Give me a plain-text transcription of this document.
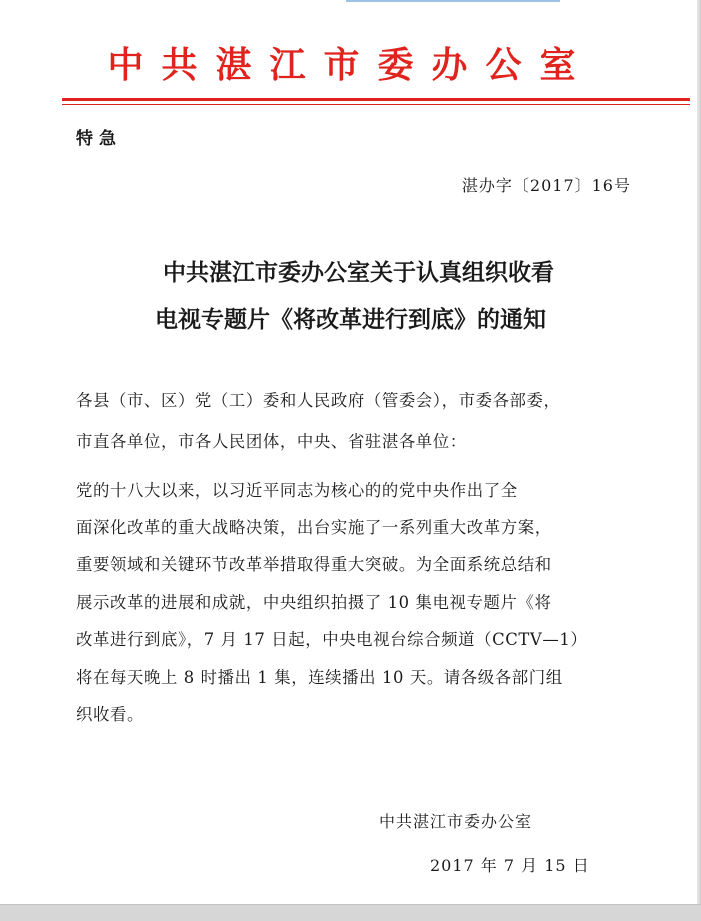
中共湛江市委办公室
特急
湛办字〔2017〕16号
中共湛江市委办公室关于认真组织收看
电视专题片《将改革进行到底》的通知
各县（市、区）党（工）委和人民政府（管委会），市委各部委，
市直各单位，市各人民团体，中央、省驻湛各单位：
党的十八大以来，以习近平同志为核心的的党中央作出了全
面深化改革的重大战略决策，出台实施了一系列重大改革方案，
重要领域和关键环节改革举措取得重大突破。为全面系统总结和
展示改革的进展和成就，中央组织拍摄了 10 集电视专题片《将
改革进行到底》，7 月 17 日起，中央电视台综合频道（CCTV—1）
将在每天晚上 8 时播出 1 集，连续播出 10 天。请各级各部门组
织收看。
中共湛江市委办公室
2017 年 7 月 15 日
